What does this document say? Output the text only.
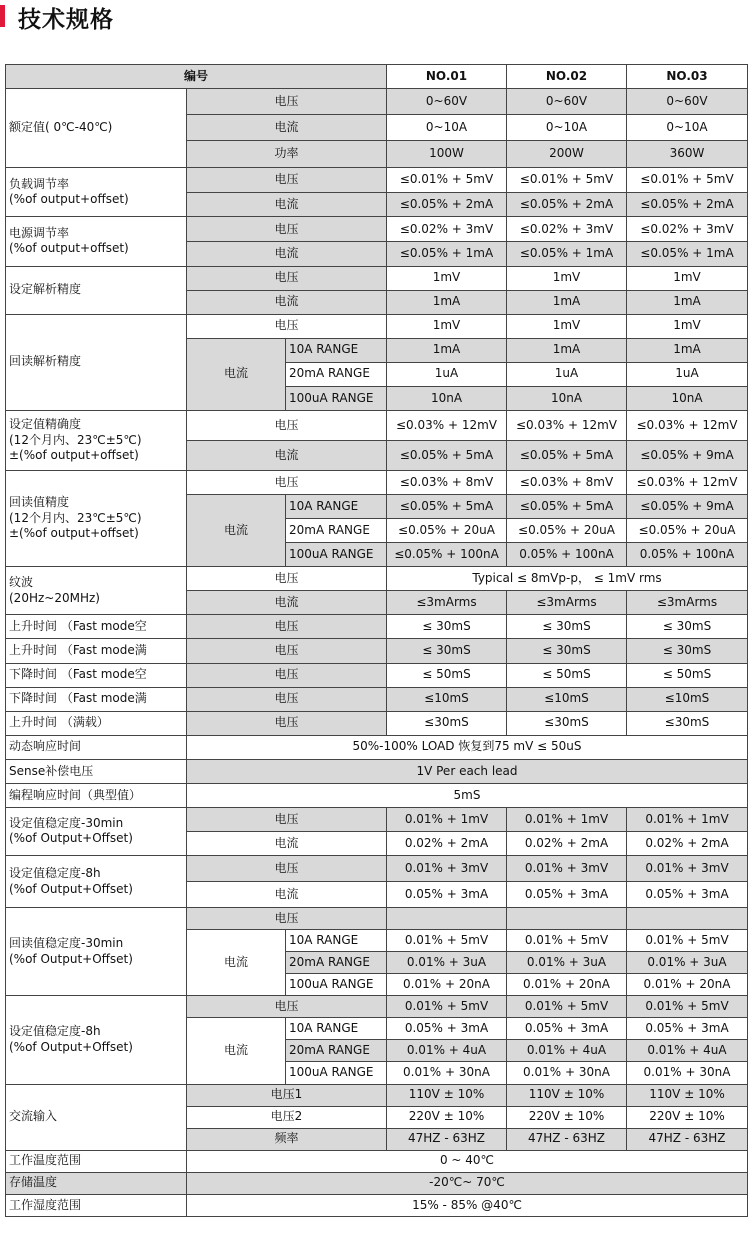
技术规格
编号			NO.01	NO.02	NO.03
额定值( 0℃-40℃)	电压		0~60V	0~60V	0~60V
	电流		0~10A	0~10A	0~10A
	功率		100W	200W	360W
负载调节率
(%of output+offset)	电压		≤0.01% + 5mV	≤0.01% + 5mV	≤0.01% + 5mV
	电流		≤0.05% + 2mA	≤0.05% + 2mA	≤0.05% + 2mA
电源调节率
(%of output+offset)	电压		≤0.02% + 3mV	≤0.02% + 3mV	≤0.02% + 3mV
	电流		≤0.05% + 1mA	≤0.05% + 1mA	≤0.05% + 1mA
设定解析精度	电压		1mV	1mV	1mV
	电流		1mA	1mA	1mA
回读解析精度	电压		1mV	1mV	1mV
	电流	10A RANGE	1mA	1mA	1mA
		20mA RANGE	1uA	1uA	1uA
		100uA RANGE	10nA	10nA	10nA
设定值精确度
(12个月内、23℃±5℃)
±(%of output+offset)	电压		≤0.03% + 12mV	≤0.03% + 12mV	≤0.03% + 12mV
	电流		≤0.05% + 5mA	≤0.05% + 5mA	≤0.05% + 9mA
回读值精度
(12个月内、23℃±5℃)
±(%of output+offset)	电压		≤0.03% + 8mV	≤0.03% + 8mV	≤0.03% + 12mV
	电流	10A RANGE	≤0.05% + 5mA	≤0.05% + 5mA	≤0.05% + 9mA
		20mA RANGE	≤0.05% + 20uA	≤0.05% + 20uA	≤0.05% + 20uA
		100uA RANGE	≤0.05% + 100nA	0.05% + 100nA	0.05% + 100nA
纹波
(20Hz~20MHz)	电压		Typical ≤ 8mVp-p， ≤ 1mV rms		
	电流		≤3mArms	≤3mArms	≤3mArms
上升时间 （Fast mode空	电压		≤ 30mS	≤ 30mS	≤ 30mS
上升时间 （Fast mode满	电压		≤ 30mS	≤ 30mS	≤ 30mS
下降时间 （Fast mode空	电压		≤ 50mS	≤ 50mS	≤ 50mS
下降时间 （Fast mode满	电压		≤10mS	≤10mS	≤10mS
上升时间 （满载）	电压		≤30mS	≤30mS	≤30mS
动态响应时间	50%-100% LOAD 恢复到75 mV ≤ 50uS				
Sense补偿电压	1V Per each lead				
编程响应时间（典型值）	5mS				
设定值稳定度-30min
(%of Output+Offset)	电压		0.01% + 1mV	0.01% + 1mV	0.01% + 1mV
	电流		0.02% + 2mA	0.02% + 2mA	0.02% + 2mA
设定值稳定度-8h
(%of Output+Offset)	电压		0.01% + 3mV	0.01% + 3mV	0.01% + 3mV
	电流		0.05% + 3mA	0.05% + 3mA	0.05% + 3mA
回读值稳定度-30min
(%of Output+Offset)	电压				
	电流	10A RANGE	0.01% + 5mV	0.01% + 5mV	0.01% + 5mV
		20mA RANGE	0.01% + 3uA	0.01% + 3uA	0.01% + 3uA
		100uA RANGE	0.01% + 20nA	0.01% + 20nA	0.01% + 20nA
设定值稳定度-8h
(%of Output+Offset)	电压		0.01% + 5mV	0.01% + 5mV	0.01% + 5mV
	电流	10A RANGE	0.05% + 3mA	0.05% + 3mA	0.05% + 3mA
		20mA RANGE	0.01% + 4uA	0.01% + 4uA	0.01% + 4uA
		100uA RANGE	0.01% + 30nA	0.01% + 30nA	0.01% + 30nA
交流输入	电压1		110V ± 10%	110V ± 10%	110V ± 10%
	电压2		220V ± 10%	220V ± 10%	220V ± 10%
	频率		47HZ - 63HZ	47HZ - 63HZ	47HZ - 63HZ
工作温度范围	0 ~ 40℃				
存储温度	-20℃~ 70℃				
工作湿度范围	15% - 85% @40℃				
